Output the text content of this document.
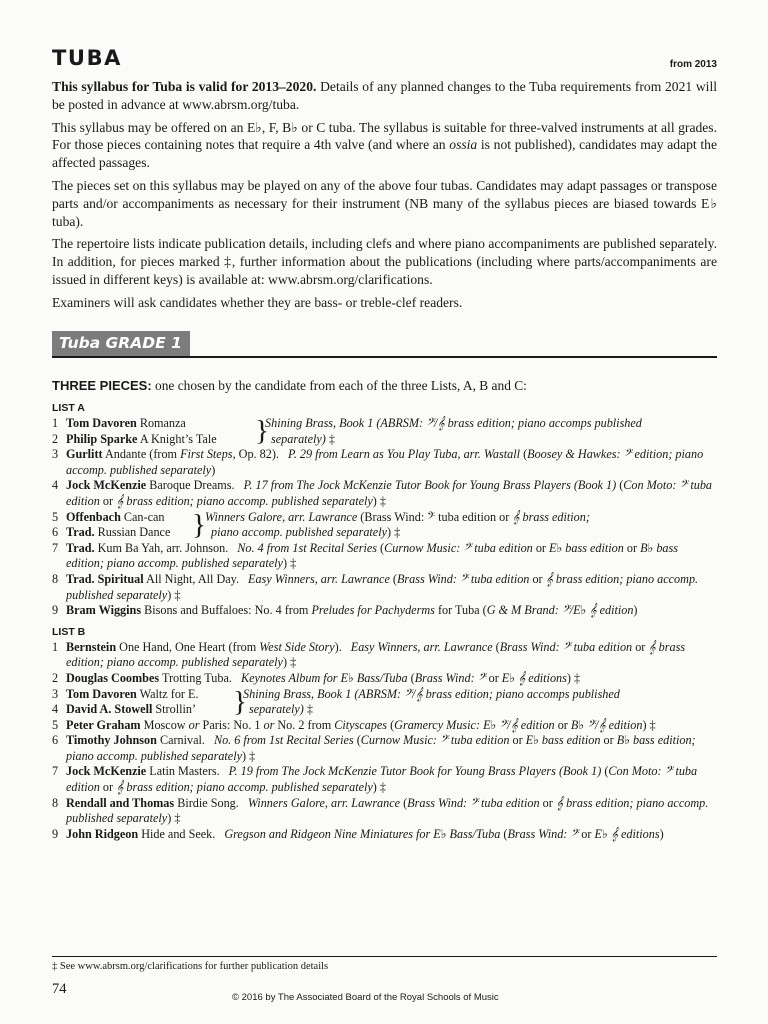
TUBA	from 2013

This syllabus for Tuba is valid for 2013–2020. Details of any planned changes to the Tuba requirements from 2021 will be posted in advance at www.abrsm.org/tuba.

This syllabus may be offered on an E♭, F, B♭ or C tuba. The syllabus is suitable for three-valved instruments at all grades. For those pieces containing notes that require a 4th valve (and where an ossia is not published), candidates may adapt the affected passages.

The pieces set on this syllabus may be played on any of the above four tubas. Candidates may adapt passages or transpose parts and/or accompaniments as necessary for their instrument (NB many of the syllabus pieces are biased towards E♭ tuba).

The repertoire lists indicate publication details, including clefs and where piano accompaniments are published separately. In addition, for pieces marked ‡, further information about the publications (including where parts/accompaniments are issued in different keys) is available at: www.abrsm.org/clarifications.

Examiners will ask candidates whether they are bass- or treble-clef readers.

Tuba GRADE 1
THREE PIECES: one chosen by the candidate from each of the three Lists, A, B and C:
LIST A
1 Tom Davoren Romanza
2 Philip Sparke A Knight’s Tale	}
Shining Brass, Book 1 (ABRSM: 𝄢/𝄞 brass edition; piano accomps published
separately) ‡
3 Gurlitt Andante (from First Steps, Op. 82). P. 29 from Learn as You Play Tuba, arr. Wastall (Boosey & Hawkes: 𝄢 edition; piano accomp. published separately)
4 Jock McKenzie Baroque Dreams. P. 17 from The Jock McKenzie Tutor Book for Young Brass Players (Book 1) (Con Moto: 𝄢 tuba edition or 𝄞 brass edition; piano accomp. published separately) ‡
5 Offenbach Can-can
6 Trad. Russian Dance } Winners Galore, arr. Lawrance (Brass Wind: 𝄢 tuba edition or 𝄞 brass edition;
piano accomp. published separately) ‡
7 Trad. Kum Ba Yah, arr. Johnson. No. 4 from 1st Recital Series (Curnow Music: 𝄢 tuba edition or E♭ bass edition or B♭ bass edition; piano accomp. published separately) ‡
8 Trad. Spiritual All Night, All Day. Easy Winners, arr. Lawrance (Brass Wind: 𝄢 tuba edition or 𝄞 brass edition; piano accomp. published separately) ‡
9 Bram Wiggins Bisons and Buffaloes: No. 4 from Preludes for Pachyderms for Tuba (G & M Brand: 𝄢/E♭ 𝄞 edition)
LIST B
1 Bernstein One Hand, One Heart (from West Side Story). Easy Winners, arr. Lawrance (Brass Wind: 𝄢 tuba edition or 𝄞 brass edition; piano accomp. published separately) ‡
2 Douglas Coombes Trotting Tuba. Keynotes Album for E♭ Bass/Tuba (Brass Wind: 𝄢 or E♭ 𝄞 editions) ‡
3 Tom Davoren Waltz for E.
4 David A. Stowell Strollin’	}
Shining Brass, Book 1 (ABRSM: 𝄢/𝄞 brass edition; piano accomps published
separately) ‡
5 Peter Graham Moscow or Paris: No. 1 or No. 2 from Cityscapes (Gramercy Music: E♭ 𝄢/𝄞 edition or B♭ 𝄢/𝄞 edition) ‡
6 Timothy Johnson Carnival. No. 6 from 1st Recital Series (Curnow Music: 𝄢 tuba edition or E♭ bass edition or B♭ bass edition; piano accomp. published separately) ‡
7 Jock McKenzie Latin Masters. P. 19 from The Jock McKenzie Tutor Book for Young Brass Players (Book 1) (Con Moto: 𝄢 tuba edition or 𝄞 brass edition; piano accomp. published separately) ‡
8 Rendall and Thomas Birdie Song. Winners Galore, arr. Lawrance (Brass Wind: 𝄢 tuba edition or 𝄞 brass edition; piano accomp. published separately) ‡
9 John Ridgeon Hide and Seek. Gregson and Ridgeon Nine Miniatures for E♭ Bass/Tuba (Brass Wind: 𝄢 or E♭ 𝄞 editions)
‡ See www.abrsm.org/clarifications for further publication details
74
© 2016 by The Associated Board of the Royal Schools of Music
